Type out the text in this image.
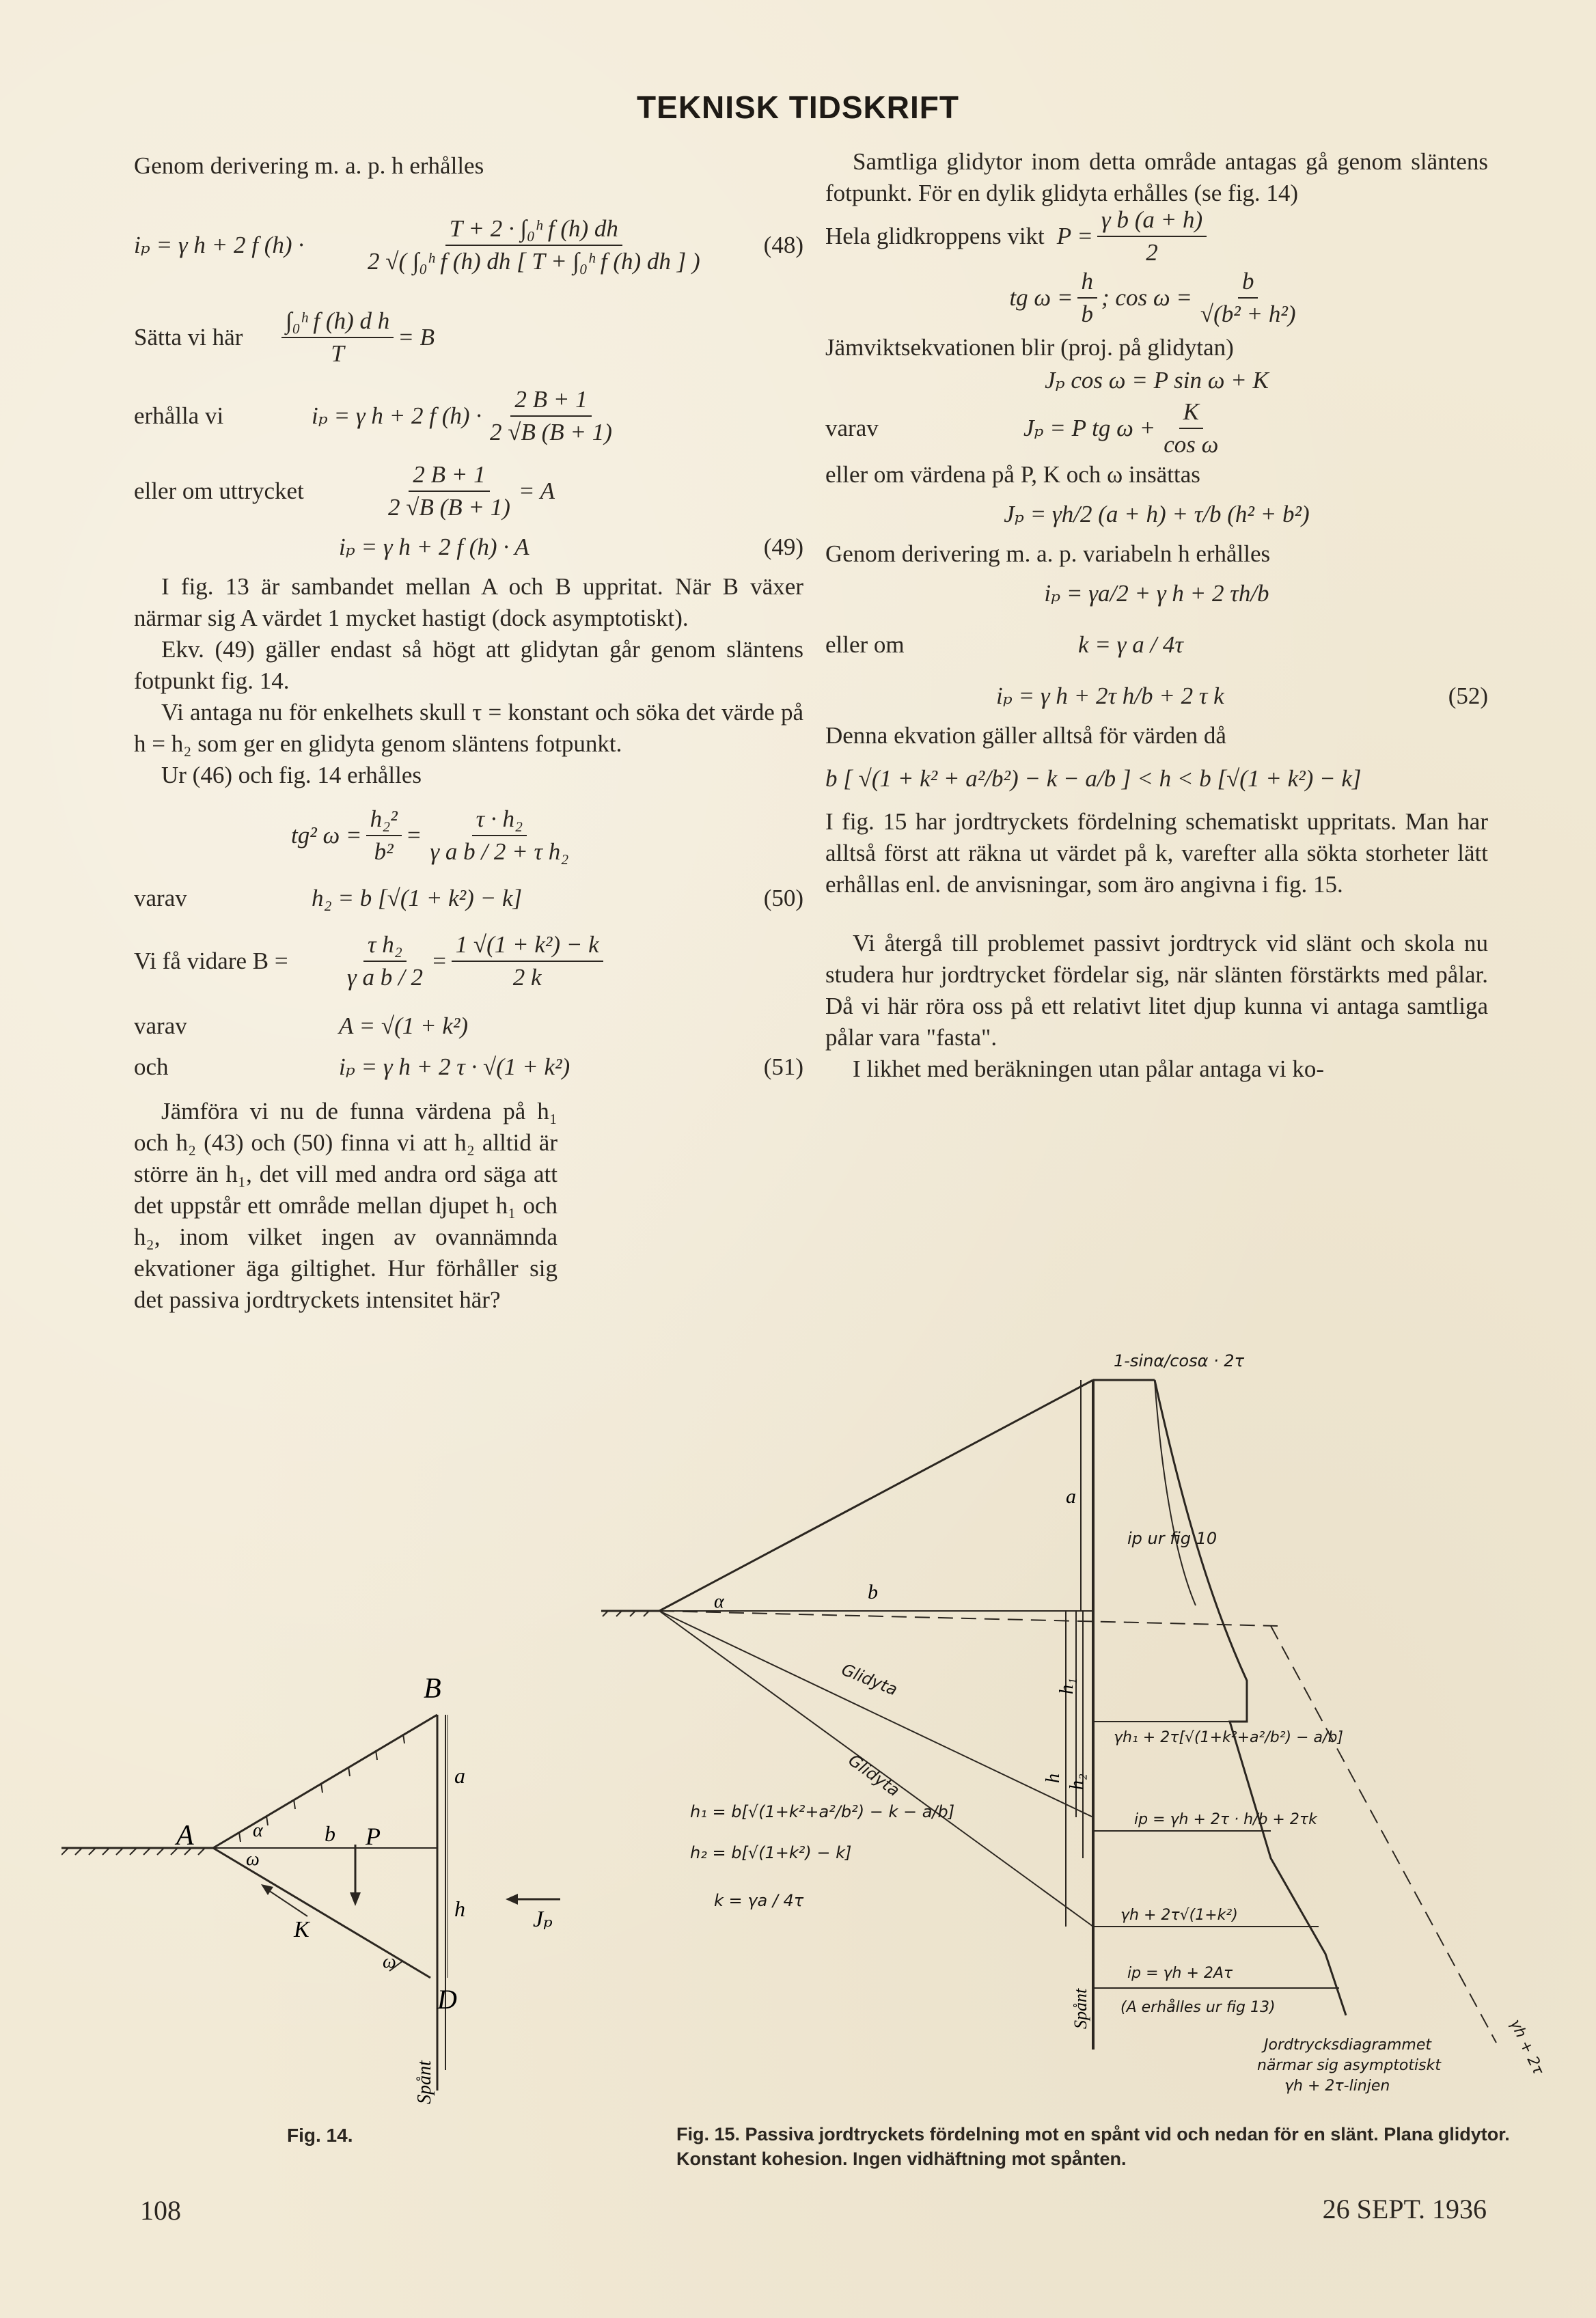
TEKNISK TIDSKRIFT

Genom derivering m. a. p. h erhålles

iₚ = γ h + 2 f $(h) \cdot \frac{\text{T + 2 · ∫₀ʰ f (h) dh}}{\text{2 √( ∫₀ʰ f (h) dh [ T + ∫₀ʰ f (h) dh ] )}} (48)$
Sätta vi här	$\frac{\text{∫₀ʰ f (h) d h}}{T} = B$
erhålla vi	iₚ = γ h + 2 f $(h) \cdot \frac{2 B + 1}{2 √B (B + 1)}$
eller om uttrycket	$\frac{2 B + 1}{2 √B (B + 1)} = A$
iₚ = γ h + 2 f (h) · A	(49)

I fig. 13 är sambandet mellan A och B uppritat. När B växer närmar sig A värdet 1 mycket hastigt (dock asymptotiskt).

Ekv. (49) gäller endast så högt att glidytan går genom släntens fotpunkt fig. 14.

Vi antaga nu för enkelhets skull τ = konstant och söka det värde på h = h₂ som ger en glidyta genom släntens fotpunkt.

Ur (46) och fig. 14 erhålles

tg² $\omega = \frac{\text{h₂²}}{\text{b²}} = \frac{\text{τ · h₂}}{\text{γ a b / 2 + τ h₂}}$
varav	h₂ = b [√(1 + k²) − k]	(50)
Vi få vidare B =	$\frac{\text{τ h₂}}{\text{γ a b / 2}} = \frac{\text{1 √(1 + k²) − k}}{2 k}$
varav	A = √(1 + k²)
och	iₚ = γ h + 2 τ · √(1 + k²)	(51)

Jämföra vi nu de funna värdena på h₁ och h₂ (43) och (50) finna vi att h₂ alltid är större än h₁, det vill med andra ord säga att det uppstår ett område mellan djupet h₁ och h₂, inom vilket ingen av ovannämnda ekvationer äga giltighet. Hur förhåller sig det passiva jordtryckets intensitet här?

Samtliga glidytor inom detta område antagas gå genom släntens fotpunkt. För en dylik glidyta erhålles (se fig. 14)

Hela glidkroppens vikt $P = \frac{\text{γ b (a + h)}}{2}$
tg $\omega = \frac{h}{b}$ ; $\cos \omega = \frac{b}{\text{√(b² + h²)}}$

Jämviktsekvationen blir (proj. på glidytan)

Jₚ cos ω = P sin ω + K
varav	Jₚ = P tg $\omega + \frac{K}{\text{cos ω}}$

eller om värdena på P, K och ω insättas

Jₚ = γh/2 (a + h) + τ/b (h² + b²)

Genom derivering m. a. p. variabeln h erhålles

iₚ = γa/2 + γ h + 2 τh/b
eller om	k = γ a / 4τ
iₚ = γ h + 2τ h/b + 2 τ k	(52)

Denna ekvation gäller alltså för värden då

b [ √(1 + k² + a²/b²) − k − a/b ] < h < b [√(1 + k²) − k]

I fig. 15 har jordtryckets fördelning schematiskt uppritats. Man har alltså först att räkna ut värdet på k, varefter alla sökta storheter lätt erhållas enl. de anvisningar, som äro angivna i fig. 15.

Vi återgå till problemet passivt jordtryck vid slänt och skola nu studera hur jordtrycket fördelar sig, när slänten förstärkts med pålar. Då vi här röra oss på ett relativt litet djup kunna vi antaga samtliga pålar vara "fasta".

I likhet med beräkningen utan pålar antaga vi ko-

A
B
D
a
b
h
P
K
α
ω
ω
Jₚ
Spånt
Fig. 14.
1-sinα/cosα · 2τ
a
b
α
h₁
h h₂
ip ur fig 10
Glidyta
Glidyta
h₁ = b[√(1+k²+a²/b²) − k − a/b]
h₂ = b[√(1+k²) − k]
k = γa / 4τ
γh₁ + 2τ[√(1+k²+a²/b²) − a/b]
ip = γh + 2τ · h/b + 2τk
γh + 2τ√(1+k²)
ip = γh + 2Aτ
(A erhålles ur fig 13)
Jordtrycksdiagrammet
närmar sig asymptotiskt
γh + 2τ-linjen
γh + 2τ
Spånt
Fig. 15. Passiva jordtryckets fördelning mot en spånt vid och nedan för en slänt. Plana glidytor. Konstant kohesion. Ingen vidhäftning mot spånten.
108	26 SEPT. 1936
